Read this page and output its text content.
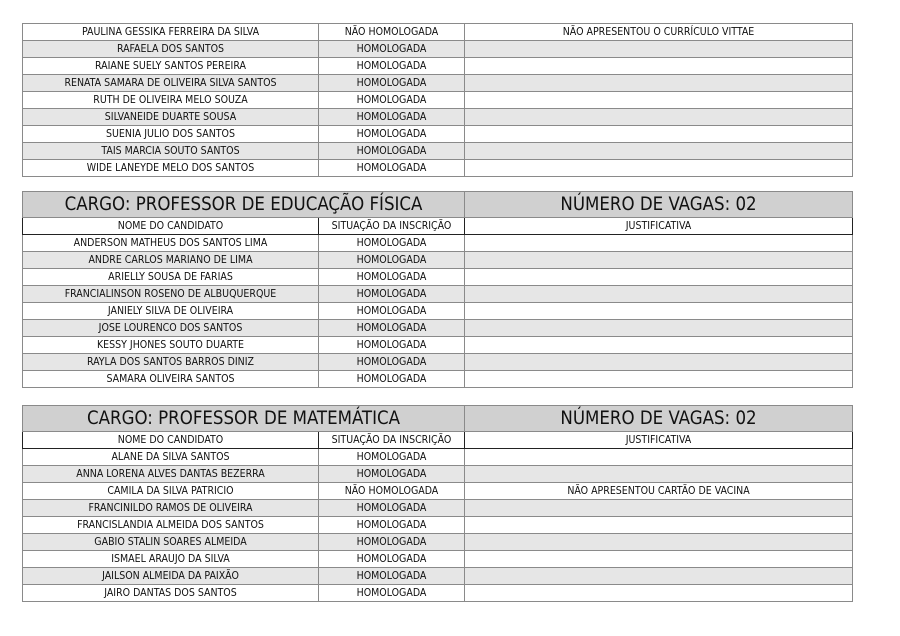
PAULINA GESSIKA FERREIRA DA SILVA	NÃO HOMOLOGADA	NÃO APRESENTOU O CURRÍCULO VITTAE
RAFAELA DOS SANTOS	HOMOLOGADA	
RAIANE SUELY SANTOS PEREIRA	HOMOLOGADA	
RENATA SAMARA DE OLIVEIRA SILVA SANTOS	HOMOLOGADA	
RUTH DE OLIVEIRA MELO SOUZA	HOMOLOGADA	
SILVANEIDE DUARTE SOUSA	HOMOLOGADA	
SUENIA JULIO DOS SANTOS	HOMOLOGADA	
TAIS MARCIA SOUTO SANTOS	HOMOLOGADA	
WIDE LANEYDE MELO DOS SANTOS	HOMOLOGADA	
CARGO: PROFESSOR DE EDUCAÇÃO FÍSICA		NÚMERO DE VAGAS: 02
NOME DO CANDIDATO	SITUAÇÃO DA INSCRIÇÃO	JUSTIFICATIVA
ANDERSON MATHEUS DOS SANTOS LIMA	HOMOLOGADA	
ANDRE CARLOS MARIANO DE LIMA	HOMOLOGADA	
ARIELLY SOUSA DE FARIAS	HOMOLOGADA	
FRANCIALINSON ROSENO DE ALBUQUERQUE	HOMOLOGADA	
JANIELY SILVA DE OLIVEIRA	HOMOLOGADA	
JOSE LOURENCO DOS SANTOS	HOMOLOGADA	
KESSY JHONES SOUTO DUARTE	HOMOLOGADA	
RAYLA DOS SANTOS BARROS DINIZ	HOMOLOGADA	
SAMARA OLIVEIRA SANTOS	HOMOLOGADA	
CARGO: PROFESSOR DE MATEMÁTICA		NÚMERO DE VAGAS: 02
NOME DO CANDIDATO	SITUAÇÃO DA INSCRIÇÃO	JUSTIFICATIVA
ALANE DA SILVA SANTOS	HOMOLOGADA	
ANNA LORENA ALVES DANTAS BEZERRA	HOMOLOGADA	
CAMILA DA SILVA PATRICIO	NÃO HOMOLOGADA	NÃO APRESENTOU CARTÃO DE VACINA
FRANCINILDO RAMOS DE OLIVEIRA	HOMOLOGADA	
FRANCISLANDIA ALMEIDA DOS SANTOS	HOMOLOGADA	
GABIO STALIN SOARES ALMEIDA	HOMOLOGADA	
ISMAEL ARAUJO DA SILVA	HOMOLOGADA	
JAILSON ALMEIDA DA PAIXÃO	HOMOLOGADA	
JAIRO DANTAS DOS SANTOS	HOMOLOGADA	
